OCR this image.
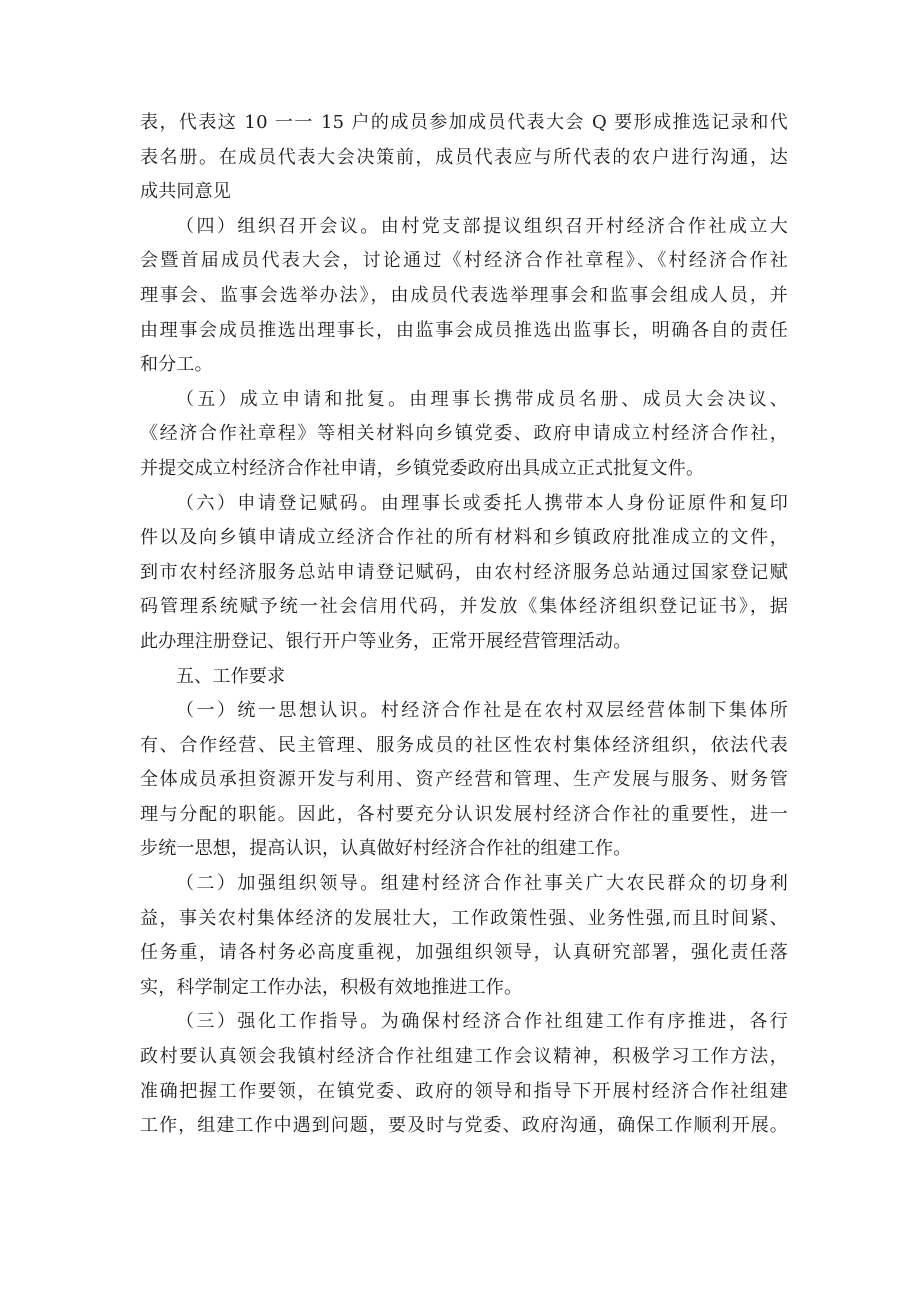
表，代表这 10 一一 15 户的成员参加成员代表大会 Q 要形成推选记录和代
表名册。在成员代表大会决策前，成员代表应与所代表的农户进行沟通，达
成共同意见
（四）组织召开会议。由村党支部提议组织召开村经济合作社成立大
会暨首届成员代表大会，讨论通过《村经济合作社章程》、《村经济合作社
理事会、监事会选举办法》，由成员代表选举理事会和监事会组成人员，并
由理事会成员推选出理事长，由监事会成员推选出监事长，明确各自的责任
和分工。
（五）成立申请和批复。由理事长携带成员名册、成员大会决议、
《经济合作社章程》等相关材料向乡镇党委、政府申请成立村经济合作社，
并提交成立村经济合作社申请，乡镇党委政府出具成立正式批复文件。
（六）申请登记赋码。由理事长或委托人携带本人身份证原件和复印
件以及向乡镇申请成立经济合作社的所有材料和乡镇政府批准成立的文件，
到市农村经济服务总站申请登记赋码，由农村经济服务总站通过国家登记赋
码管理系统赋予统一社会信用代码，并发放《集体经济组织登记证书》，据
此办理注册登记、银行开户等业务，正常开展经营管理活动。
五、工作要求
（一）统一思想认识。村经济合作社是在农村双层经营体制下集体所
有、合作经营、民主管理、服务成员的社区性农村集体经济组织，依法代表
全体成员承担资源开发与利用、资产经营和管理、生产发展与服务、财务管
理与分配的职能。因此，各村要充分认识发展村经济合作社的重要性，进一
步统一思想，提高认识，认真做好村经济合作社的组建工作。
（二）加强组织领导。组建村经济合作社事关广大农民群众的切身利
益，事关农村集体经济的发展壮大，工作政策性强、业务性强,而且时间紧、
任务重，请各村务必高度重视，加强组织领导，认真研究部署，强化责任落
实，科学制定工作办法，积极有效地推进工作。
（三）强化工作指导。为确保村经济合作社组建工作有序推进，各行
政村要认真领会我镇村经济合作社组建工作会议精神，积极学习工作方法，
准确把握工作要领，在镇党委、政府的领导和指导下开展村经济合作社组建
工作，组建工作中遇到问题，要及时与党委、政府沟通，确保工作顺利开展。
